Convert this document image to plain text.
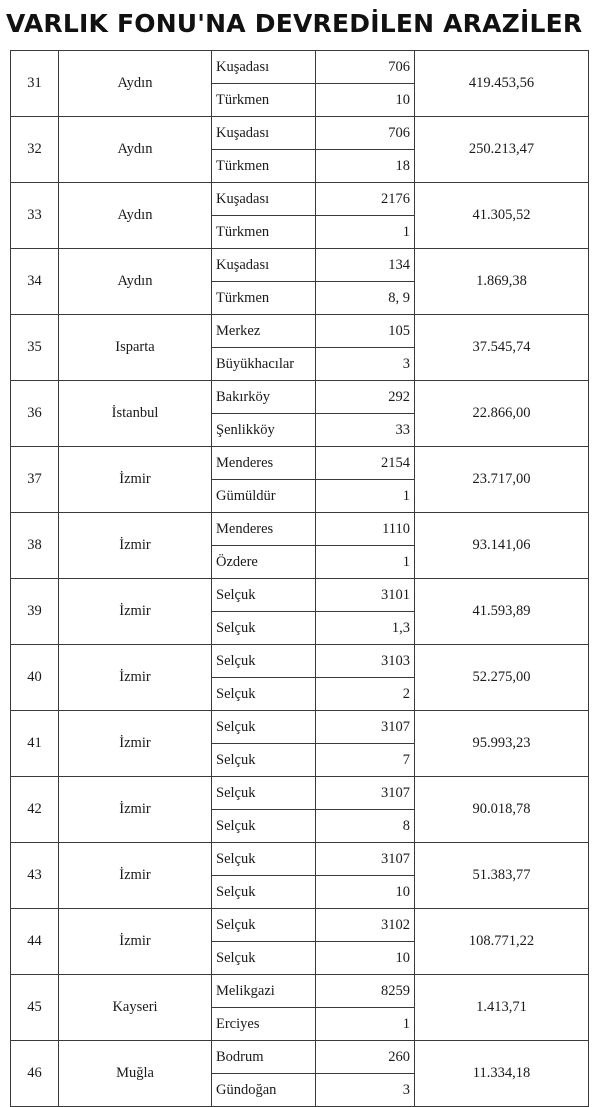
VARLIK FONU'NA DEVREDİLEN ARAZİLER
31	Aydın	Kuşadası	706	419.453,56
		Türkmen	10	
32	Aydın	Kuşadası	706	250.213,47
		Türkmen	18	
33	Aydın	Kuşadası	2176	41.305,52
		Türkmen	1	
34	Aydın	Kuşadası	134	1.869,38
		Türkmen	8, 9	
35	Isparta	Merkez	105	37.545,74
		Büyükhacılar	3	
36	İstanbul	Bakırköy	292	22.866,00
		Şenlikköy	33	
37	İzmir	Menderes	2154	23.717,00
		Gümüldür	1	
38	İzmir	Menderes	1110	93.141,06
		Özdere	1	
39	İzmir	Selçuk	3101	41.593,89
		Selçuk	1,3	
40	İzmir	Selçuk	3103	52.275,00
		Selçuk	2	
41	İzmir	Selçuk	3107	95.993,23
		Selçuk	7	
42	İzmir	Selçuk	3107	90.018,78
		Selçuk	8	
43	İzmir	Selçuk	3107	51.383,77
		Selçuk	10	
44	İzmir	Selçuk	3102	108.771,22
		Selçuk	10	
45	Kayseri	Melikgazi	8259	1.413,71
		Erciyes	1	
46	Muğla	Bodrum	260	11.334,18
		Gündoğan	3	
